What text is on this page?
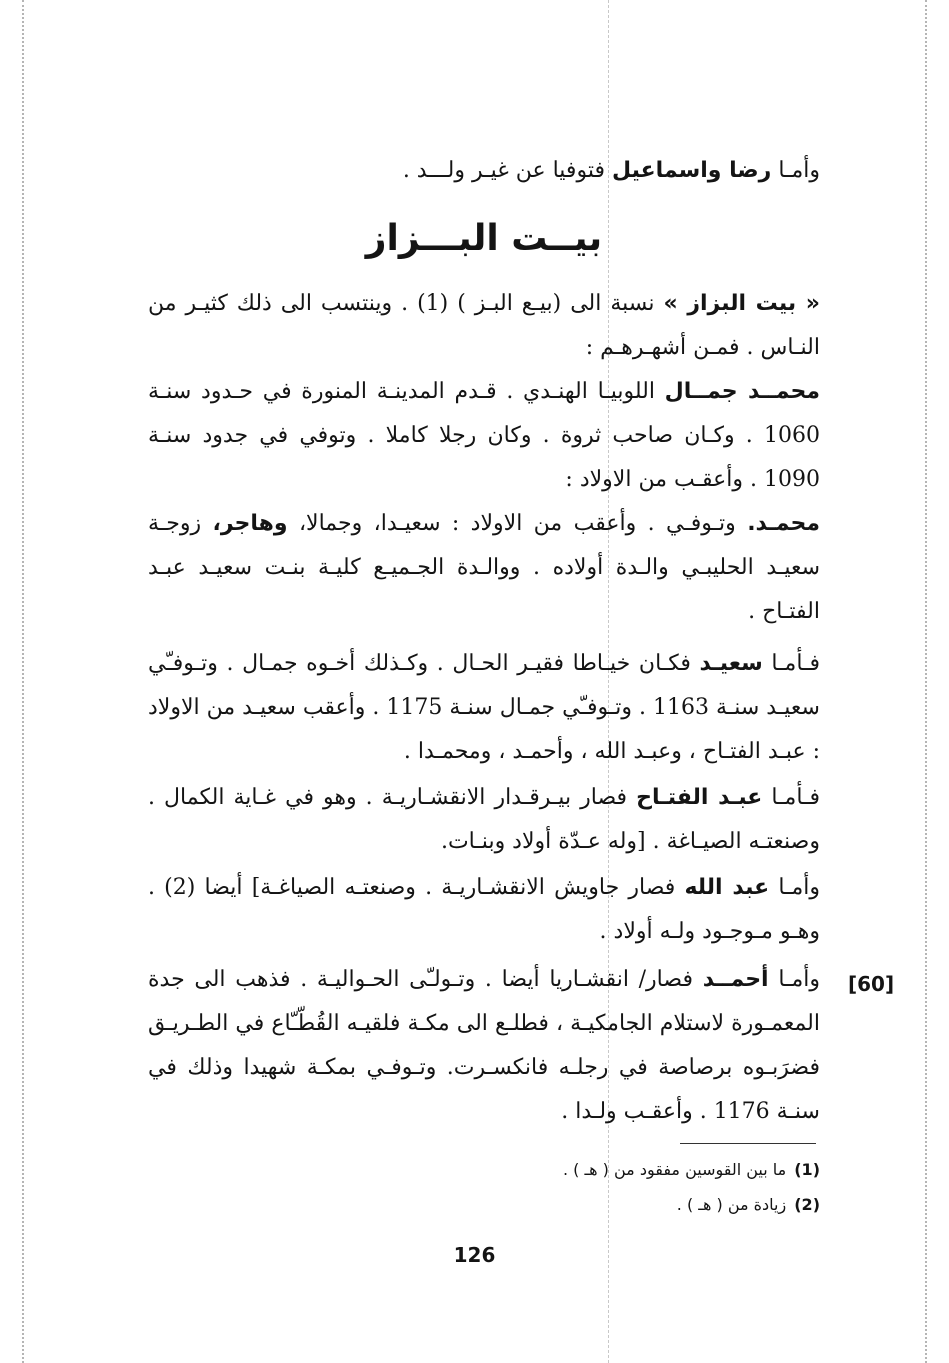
وأمـا رضا واسماعيل فتوفيا عن غيـر ولـــد .
بيــت البـــزاز
« بيت البزاز » نسبة الى (بيـع البـز ) (1) . وينتسب الى ذلك كثيـر من النـاس . فمـن أشهـرهـم :
محمــد جمــال اللوبيـا الهنـدي . قـدم المدينـة المنورة في حـدود سنـة 1060 . وكـان صاحب ثروة . وكان رجلا كاملا . وتوفي في جدود سنـة 1090 . وأعقـب من الاولاد :
محمـد. وتـوفـي . وأعقب من الاولاد : سعيـدا، وجمالا، وهاجر، زوجـة سعيـد الحليبـي والـدة أولاده . ووالـدة الجـميـع كليـة بنـت سعيـد عبـد الفتـاح .
فـأمـا سعيـد فكـان خيـاطا فقيـر الحـال . وكـذلك أخـوه جمـال . وتـوفـّي سعيـد سنـة 1163 . وتـوفـّي جمـال سنـة 1175 . وأعقب سعيـد من الاولاد : عبـد الفتـاح ، وعبـد الله ، وأحمـد ، ومحمـدا .
فـأمـا عبـد الفتـاح فصار بيـرقـدار الانقشـاريـة . وهو في غـاية الكمال . وصنعتـه الصيـاغة . [وله عـدّة أولاد وبنـات.
وأمـا عبد الله فصار جاويش الانقشـاريـة . وصنعتـه الصياغـة] أيضا (2) . وهـو مـوجـود ولـه أولاد .
وأمـا أحمــد فصار/ انقشـاريا أيضا . وتـولـّى الحـواليـة . فذهب الى جدة المعمـورة لاستلام الجامكيـة ، فطلـع الى مكـة فلقيـه القُطّـّاع في الطـريـق فضرَبـوه برصاصة في رجلـه فانكسـرت. وتـوفـي بمكـة شهيدا وذلك في سنـة 1176 . وأعقـب ولـدا .
[60]
(1)ما بين القوسين مفقود من ( هـ ) .
(2)زيادة من ( هـ ) .
126
